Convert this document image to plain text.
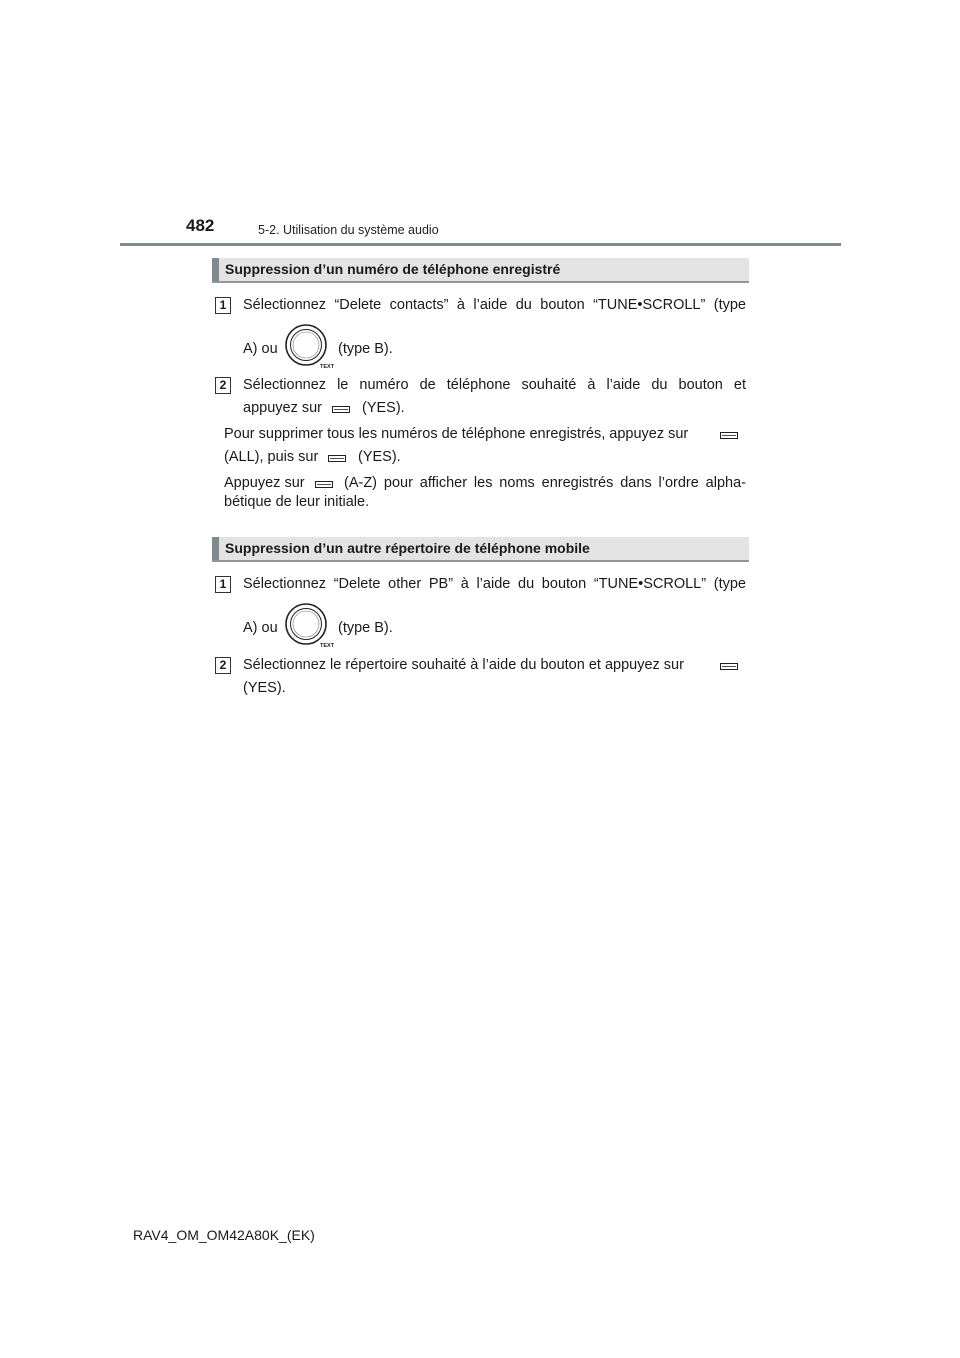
482	5-2. Utilisation du système audio
Suppression d’un numéro de téléphone enregistré
1	Sélectionnez “Delete contacts” à l’aide du bouton “TUNE•SCROLL” (type
A) ou
TEXT
(type B).
2	Sélectionnez le numéro de téléphone souhaité à l’aide du bouton et
appuyez sur	(YES).
Pour supprimer tous les numéros de téléphone enregistrés, appuyez sur
(ALL), puis sur	(YES).
Appuyez sur	(A-Z) pour afficher les noms enregistrés dans l’ordre alpha-
bétique de leur initiale.
Suppression d’un autre répertoire de téléphone mobile
1	Sélectionnez “Delete other PB” à l’aide du bouton “TUNE•SCROLL” (type
A) ou
TEXT
(type B).
2	Sélectionnez le répertoire souhaité à l’aide du bouton et appuyez sur
(YES).
RAV4_OM_OM42A80K_(EK)
